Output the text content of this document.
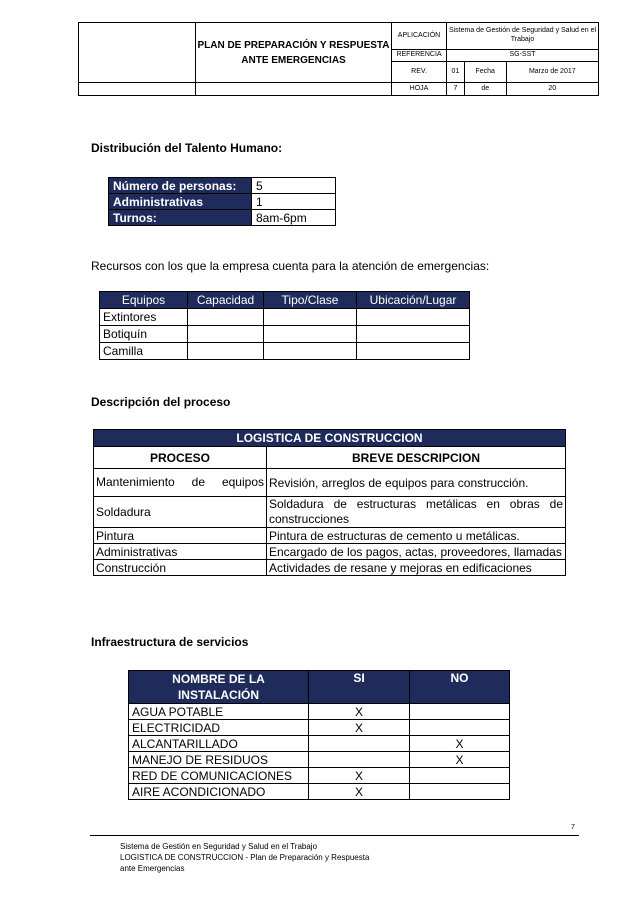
	PLAN DE PREPARACIÓN Y RESPUESTA ANTE EMERGENCIAS	APLICACIÓN	Sistema de Gestión de Seguridad y Salud en el Trabajo		
		REFERENCIA	SG-SST		
		REV.	01	Fecha	Marzo de 2017
		HOJA	7	de	20
Distribución del Talento Humano:
Número de personas:	5
Administrativas	1
Turnos:	8am-6pm
Recursos con los que la empresa cuenta para la atención de emergencias:
Equipos	Capacidad	Tipo/Clase	Ubicación/Lugar
Extintores			
Botiquín			
Camilla			
Descripción del proceso
LOGISTICA DE CONSTRUCCION	
PROCESO	BREVE DESCRIPCION
Mantenimiento de equipos	Revisión, arreglos de equipos para construcción.
Soldadura	Soldadura de estructuras metálicas en obras de construcciones
Pintura	Pintura de estructuras de cemento u metálicas.
Administrativas	Encargado de los pagos, actas, proveedores, llamadas
Construcción	Actividades de resane y mejoras en edificaciones
Infraestructura de servicios
NOMBRE DE LA INSTALACIÓN	SI	NO
AGUA POTABLE	X	
ELECTRICIDAD	X	
ALCANTARILLADO		X
MANEJO DE RESIDUOS		X
RED DE COMUNICACIONES	X	
AIRE ACONDICIONADO	X	
7
Sistema de Gestión en Seguridad y Salud en el Trabajo
LOGISTICA DE CONSTRUCCION - Plan de Preparación y Respuesta
ante Emergencias
